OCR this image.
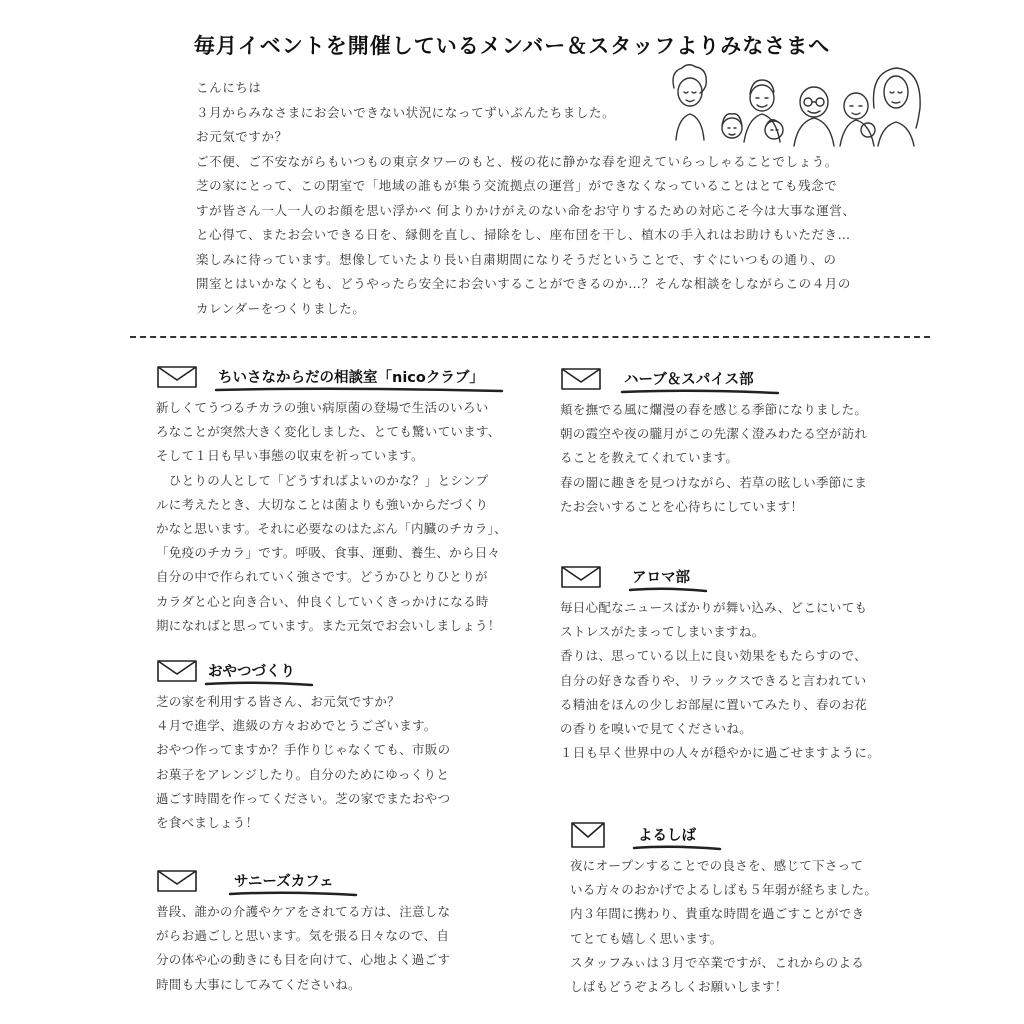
毎月イベントを開催しているメンバー＆スタッフよりみなさまへ

こんにちは

３月からみなさまにお会いできない状況になってずいぶんたちました。

お元気ですか？

ご不便、ご不安ながらもいつもの東京タワーのもと、桜の花に静かな春を迎えていらっしゃることでしょう。

芝の家にとって、この閉室で「地域の誰もが集う交流拠点の運営」ができなくなっていることはとても残念で

すが皆さん一人一人のお顔を思い浮かべ 何よりかけがえのない命をお守りするための対応こそ今は大事な運営、

と心得て、またお会いできる日を、縁側を直し、掃除をし、座布団を干し、植木の手入れはお助けもいただき…

楽しみに待っています。想像していたより長い自粛期間になりそうだということで、すぐにいつもの通り、の

開室とはいかなくとも、どうやったら安全にお会いすることができるのか…？そんな相談をしながらこの４月の

カレンダーをつくりました。

ちいさなからだの相談室「nicoクラブ」

新しくてうつるチカラの強い病原菌の登場で生活のいろい

ろなことが突然大きく変化しました、とても驚いています、

そして１日も早い事態の収束を祈っています。

　ひとりの人として「どうすればよいのかな？」とシンプ

ルに考えたとき、大切なことは菌よりも強いからだづくり

かなと思います。それに必要なのはたぶん「内臓のチカラ」、

「免疫のチカラ」です。呼吸、食事、運動、養生、から日々

自分の中で作られていく強さです。どうかひとりひとりが

カラダと心と向き合い、仲良くしていくきっかけになる時

期になればと思っています。また元気でお会いしましょう！

おやつづくり

芝の家を利用する皆さん、お元気ですか？

４月で進学、進級の方々おめでとうございます。

おやつ作ってますか？手作りじゃなくても、市販の

お菓子をアレンジしたり。自分のためにゆっくりと

過ごす時間を作ってください。芝の家でまたおやつ

を食べましょう！

サニーズカフェ

普段、誰かの介護やケアをされてる方は、注意しな

がらお過ごしと思います。気を張る日々なので、自

分の体や心の動きにも目を向けて、心地よく過ごす

時間も大事にしてみてくださいね。

ハーブ＆スパイス部

頬を撫でる風に爛漫の春を感じる季節になりました。

朝の霞空や夜の朧月がこの先潔く澄みわたる空が訪れ

ることを教えてくれています。

春の闇に趣きを見つけながら、若草の眩しい季節にま

たお会いすることを心待ちにしています！

アロマ部

毎日心配なニュースばかりが舞い込み、どこにいても

ストレスがたまってしまいますね。

香りは、思っている以上に良い効果をもたらすので、

自分の好きな香りや、リラックスできると言われてい

る精油をほんの少しお部屋に置いてみたり、春のお花

の香りを嗅いで見てくださいね。

１日も早く世界中の人々が穏やかに過ごせますように。

よるしば

夜にオープンすることでの良さを、感じて下さって

いる方々のおかげでよるしばも５年弱が経ちました。

内３年間に携わり、貴重な時間を過ごすことができ

てとても嬉しく思います。

スタッフみぃは３月で卒業ですが、これからのよる

しばもどうぞよろしくお願いします！
